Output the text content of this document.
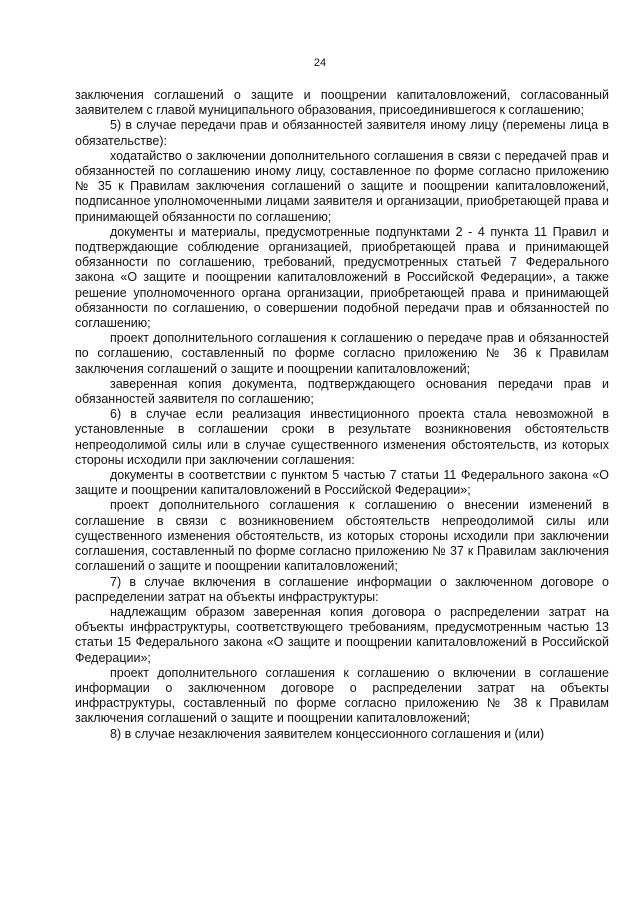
24

заключения соглашений о защите и поощрении капиталовложений, согласованный заявителем с главой муниципального образования, присоединившегося к соглашению;

5) в случае передачи прав и обязанностей заявителя иному лицу (перемены лица в обязательстве):

ходатайство о заключении дополнительного соглашения в связи с передачей прав и обязанностей по соглашению иному лицу, составленное по форме согласно приложению № 35 к Правилам заключения соглашений о защите и поощрении капиталовложений, подписанное уполномоченными лицами заявителя и организации, приобретающей права и принимающей обязанности по соглашению;

документы и материалы, предусмотренные подпунктами 2 - 4 пункта 11 Правил и подтверждающие соблюдение организацией, приобретающей права и принимающей обязанности по соглашению, требований, предусмотренных статьей 7 Федерального закона «О защите и поощрении капиталовложений в Российской Федерации», а также решение уполномоченного органа организации, приобретающей права и принимающей обязанности по соглашению, о совершении подобной передачи прав и обязанностей по соглашению;

проект дополнительного соглашения к соглашению о передаче прав и обязанностей по соглашению, составленный по форме согласно приложению № 36 к Правилам заключения соглашений о защите и поощрении капиталовложений;

заверенная копия документа, подтверждающего основания передачи прав и обязанностей заявителя по соглашению;

6) в случае если реализация инвестиционного проекта стала невозможной в установленные в соглашении сроки в результате возникновения обстоятельств непреодолимой силы или в случае существенного изменения обстоятельств, из которых стороны исходили при заключении соглашения:

документы в соответствии с пунктом 5 частью 7 статьи 11 Федерального закона «О защите и поощрении капиталовложений в Российской Федерации»;

проект дополнительного соглашения к соглашению о внесении изменений в соглашение в связи с возникновением обстоятельств непреодолимой силы или существенного изменения обстоятельств, из которых стороны исходили при заключении соглашения, составленный по форме согласно приложению № 37 к Правилам заключения соглашений о защите и поощрении капиталовложений;

7) в случае включения в соглашение информации о заключенном договоре о распределении затрат на объекты инфраструктуры:

надлежащим образом заверенная копия договора о распределении затрат на объекты инфраструктуры, соответствующего требованиям, предусмотренным частью 13 статьи 15 Федерального закона «О защите и поощрении капиталовложений в Российской Федерации»;

проект дополнительного соглашения к соглашению о включении в соглашение информации о заключенном договоре о распределении затрат на объекты инфраструктуры, составленный по форме согласно приложению № 38 к Правилам заключения соглашений о защите и поощрении капиталовложений;

8) в случае незаключения заявителем концессионного соглашения и (или)
